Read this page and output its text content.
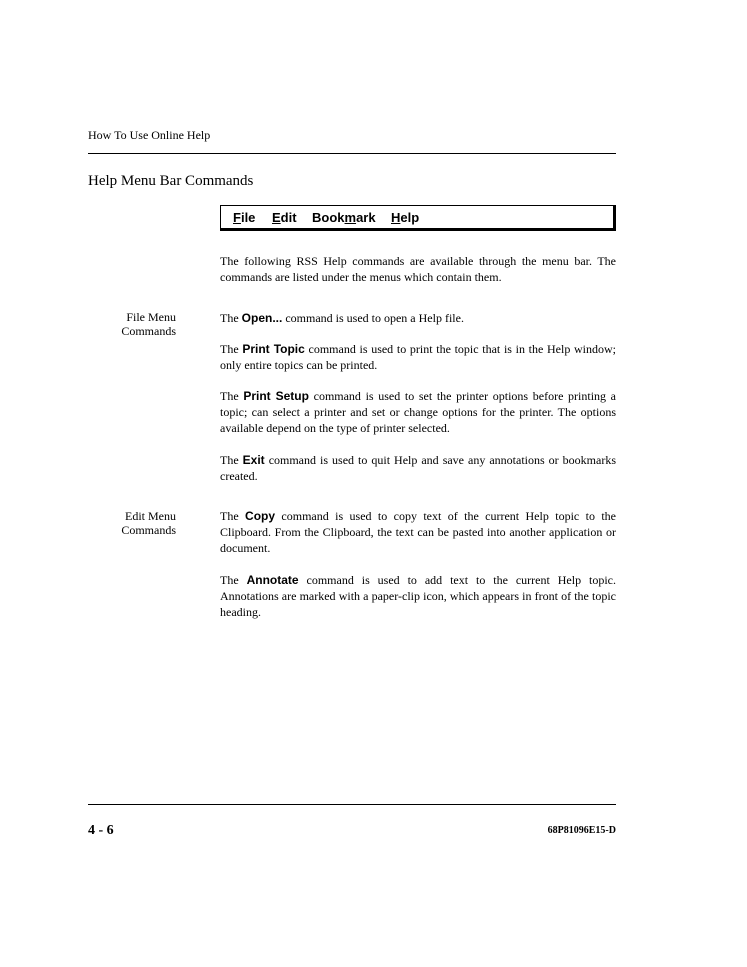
How To Use Online Help
Help Menu Bar Commands
File Edit Bookmark Help
The following RSS Help commands are available through the menu bar. The commands are listed under the menus which contain them.
File Menu
Commands
The Open... command is used to open a Help file.
The Print Topic command is used to print the topic that is in the Help window; only entire topics can be printed.
The Print Setup command is used to set the printer options before printing a topic; can select a printer and set or change options for the printer. The options available depend on the type of printer selected.
The Exit command is used to quit Help and save any annotations or bookmarks created.
Edit Menu
Commands
The Copy command is used to copy text of the current Help topic to the Clipboard. From the Clipboard, the text can be pasted into another application or document.
The Annotate command is used to add text to the current Help topic. Annotations are marked with a paper-clip icon, which appears in front of the topic heading.
4 - 6	68P81096E15-D
